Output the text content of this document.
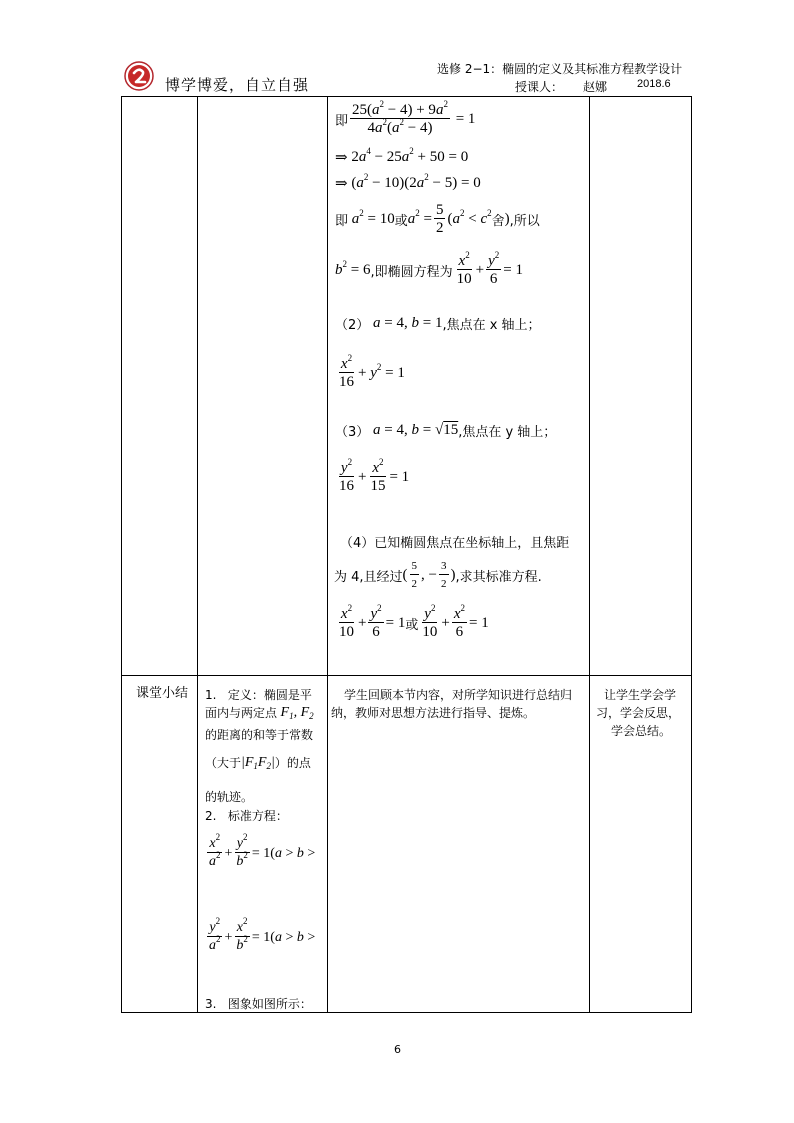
博学博爱，自立自强
选修 2−1：椭圆的定义及其标准方程教学设计
授课人： 赵娜	2018.6
即 $\frac{25(a^2 - 4) + 9a^2}{4a^2(a^2 - 4)} = 1$
⇒ $2a^4 - 25a^2 + 50 = 0$
⇒ $(a^2 - 10)(2a^2 - 5) = 0$
即 $a^2 = 10$ 或 $a^2 = \frac{5}{2} (a^2 < c^2$
舍 ) ,所以
$b^2 = 6$ ,即椭圆方程为 $\frac{x^2}{10} + \frac{y^2}{6} = 1$
（2） a = 4, b = 1 ,焦点在 x 轴上；
$\frac{x^2}{16} + y^2 = 1$
（3） a = 4, b = √15 ,焦点在 y 轴上；
$\frac{y^2}{16} + \frac{x^2}{15} = 1$
（4）已知椭圆焦点在坐标轴上，且焦距
为 4,且经过 ( $\frac{5}{2}$ , − $\frac{3}{2}$ ) ,求其标准方程.
$\frac{x^2}{10} + \frac{y^2}{6} = 1$ 或 $\frac{y^2}{10} + \frac{x^2}{6} = 1$
课堂小结 1. 定义：椭圆是平
面内与两定点 $F_1$, $F_2$
的距离的和等于常数
（大于 $|F_1F_2|$ ）的点
的轨迹。
2. 标准方程：
$\frac{x^2}{a^2} + \frac{y^2}{b^2} = 1(a > b$ >
$\frac{y^2}{a^2} + \frac{x^2}{b^2} = 1(a > b$ >
3. 图象如图所示：
学生回顾本节内容，对所学知识进行总结归
纳，教师对思想方法进行指导、提炼。
让学生学会学
习，学会反思，
学会总结。
6
